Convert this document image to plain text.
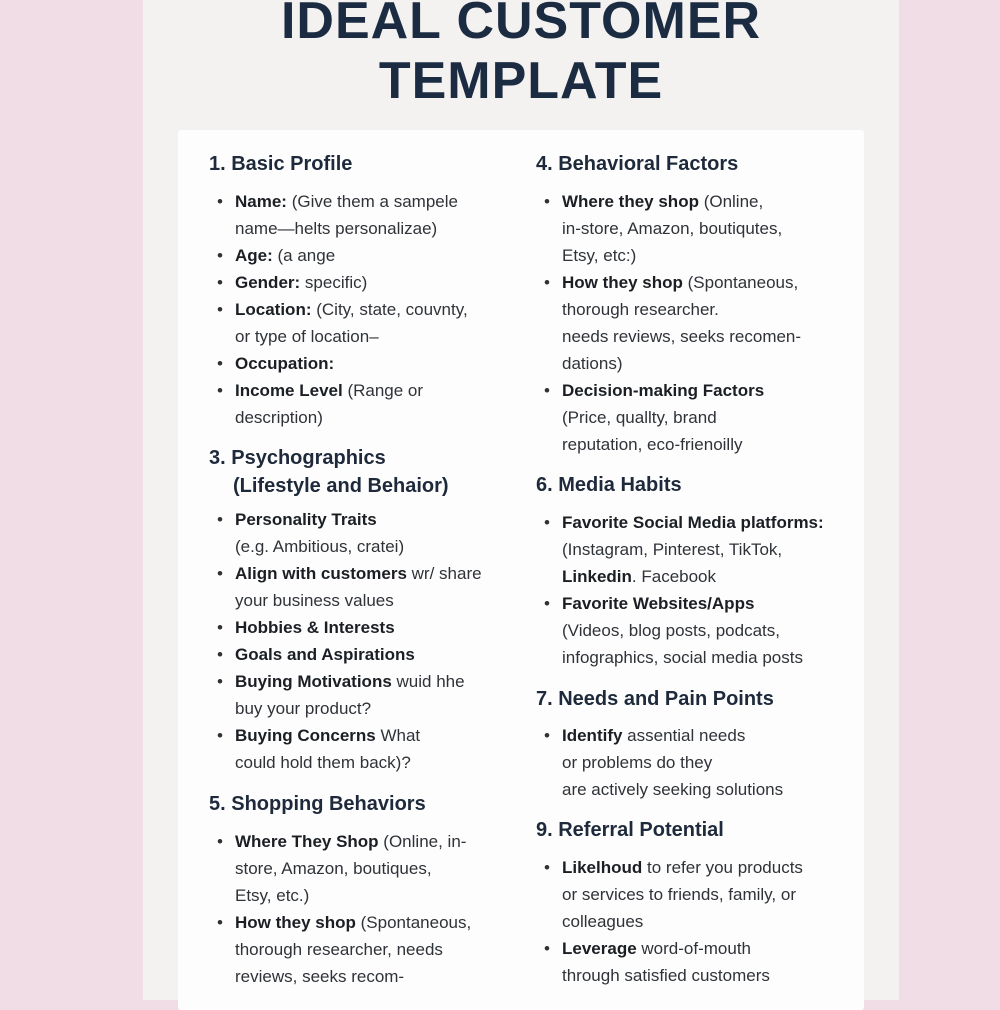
IDEAL CUSTOMER
TEMPLATE
1. Basic Profile
• Name: (Give them a sampele
name—helts personalizae)
• Age: (a ange
• Gender: specific)
• Location: (City, state, couvnty,
or type of location–
• Occupation:
• Income Level (Range or
description)
3. Psychographics
(Lifestyle and Behaior)
• Personality Traits
(e.g. Ambitious, cratei)
• Align with customers wr/ share
your business values
• Hobbies & Interests
• Goals and Aspirations
• Buying Motivations wuid hhe
buy your product?
• Buying Concerns What
could hold them back)?
5. Shopping Behaviors
• Where They Shop (Online, in-
store, Amazon, boutiques,
Etsy, etc.)
• How they shop (Spontaneous,
thorough researcher, needs
reviews, seeks recom-
4. Behavioral Factors
• Where they shop (Online,
in-store, Amazon, boutiqutes,
Etsy, etc:)
• How they shop (Spontaneous,
thorough researcher.
needs reviews, seeks recomen-
dations)
• Decision-making Factors
(Price, quallty, brand
reputation, eco-frienoilly
6. Media Habits
• Favorite Social Media platforms:
(Instagram, Pinterest, TikTok,
Linkedin. Facebook
• Favorite Websites/Apps
(Videos, blog posts, podcats,
infographics, social media posts
7. Needs and Pain Points
• Identify assential needs
or problems do they
are actively seeking solutions
9. Referral Potential
• Likelhoud to refer you products
or services to friends, family, or
colleagues
• Leverage word-of-mouth
through satisfied customers
